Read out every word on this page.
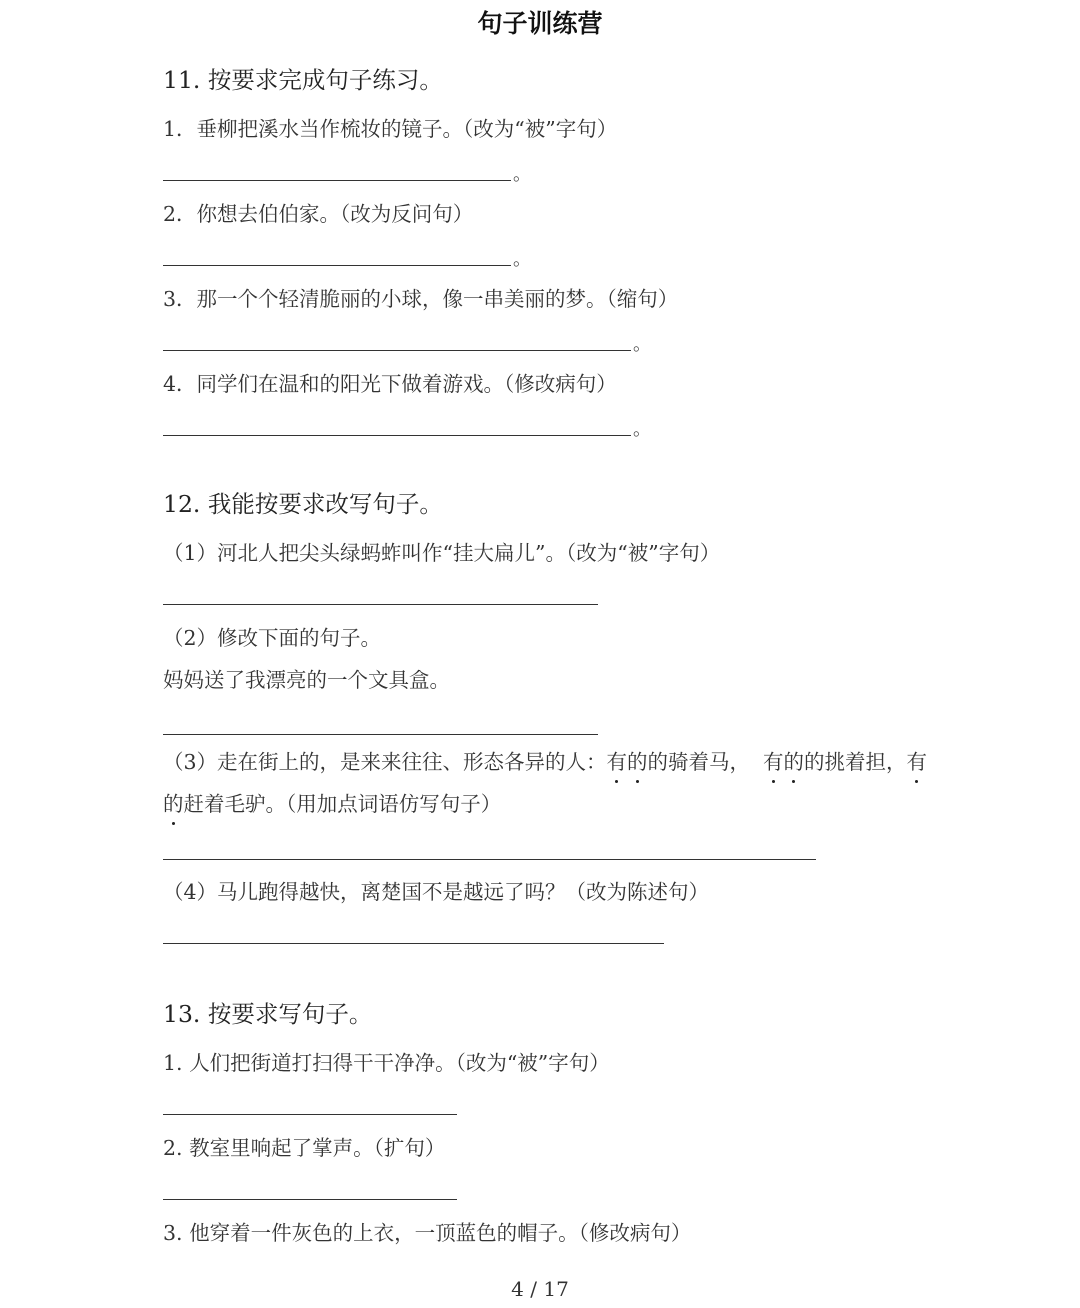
句子训练营
11. 按要求完成句子练习。
1．垂柳把溪水当作梳妆的镜子。（改为“被”字句）
。
2．你想去伯伯家。（改为反问句）
。
3．那一个个轻清脆丽的小球，像一串美丽的梦。（缩句）
。
4．同学们在温和的阳光下做着游戏。（修改病句）
。
12. 我能按要求改写句子。
（1）河北人把尖头绿蚂蚱叫作“挂大扁儿”。（改为“被”字句）
（2）修改下面的句子。
妈妈送了我漂亮的一个文具盒。
（3）走在街上的，是来来往往、形态各异的人：有的的骑着马， 有的的挑着担，有
的赶着毛驴。（用加点词语仿写句子）
（4）马儿跑得越快，离楚国不是越远了吗？（改为陈述句）
13. 按要求写句子。
1. 人们把街道打扫得干干净净。（改为“被”字句）
2. 教室里响起了掌声。（扩句）
3. 他穿着一件灰色的上衣，一顶蓝色的帽子。（修改病句）
4 / 17
